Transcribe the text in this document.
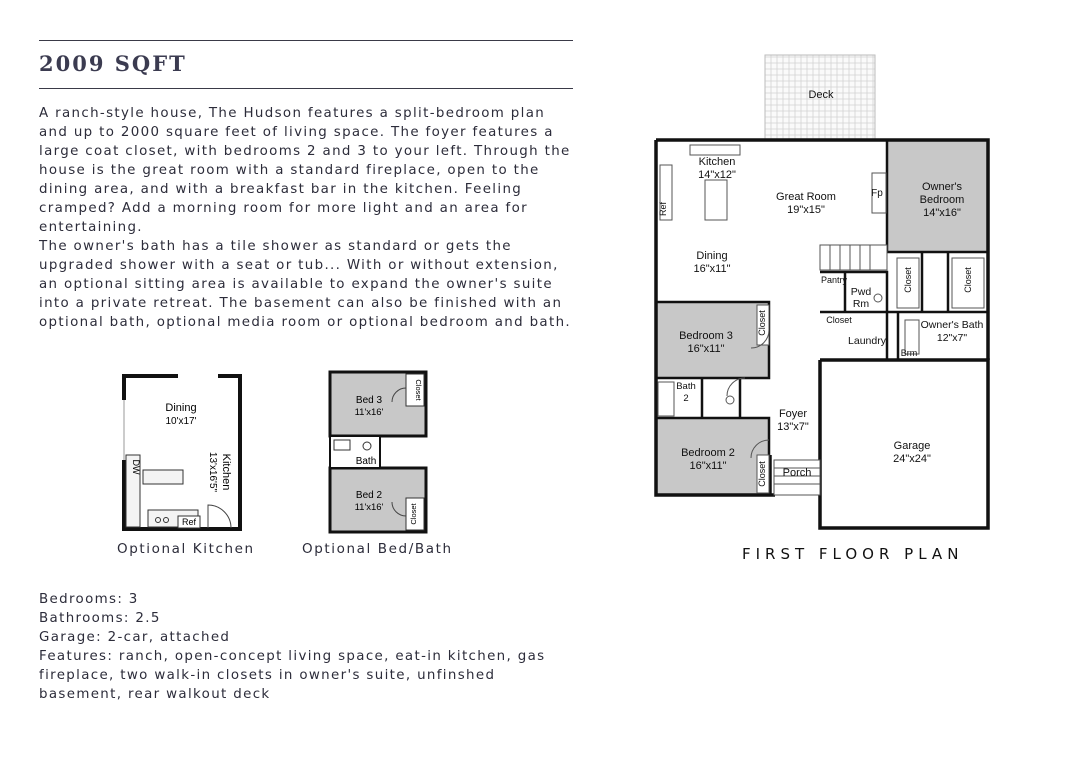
2009 SQFT

A ranch-style house, The Hudson features a split-bedroom plan and up to 2000 square feet of living space. The foyer features a large coat closet, with bedrooms 2 and 3 to your left. Through the house is the great room with a standard fireplace, open to the dining area, and with a breakfast bar in the kitchen. Feeling cramped? Add a morning room for more light and an area for entertaining.

The owner's bath has a tile shower as standard or gets the upgraded shower with a seat or tub... With or without extension, an optional sitting area is available to expand the owner's suite into a private retreat. The basement can also be finished with an optional bath, optional media room or optional bedroom and bath.

Dining
10'x17'
Kitchen
13'x16'5"
DW
Ref
Optional Kitchen
Bed 3
11'x16'
Bath
Bed 2
11'x16'
Closet
Closet
Optional Bed/Bath
Bedrooms: 3
Bathrooms: 2.5
Garage: 2-car, attached
Features: ranch, open-concept living space, eat-in kitchen, gas fireplace, two walk-in closets in owner's suite, unfinshed basement, rear walkout deck
Deck
Kitchen
14"x12"
Great Room
19"x15"
Fp
Owner's
Bedroom
14"x16"
Ref
Dining
16"x11"
Pantry
Pwd
Rm
Closet	Closet
Closet	Owner's Bath
12"x7"
Laundry
Brm
Closet
Bedroom 3
16"x11"
Bath
2
Foyer
13"x7"
Garage
24"x24"
Bedroom 2
16"x11"	Closet Porch
FIRST FLOOR PLAN
